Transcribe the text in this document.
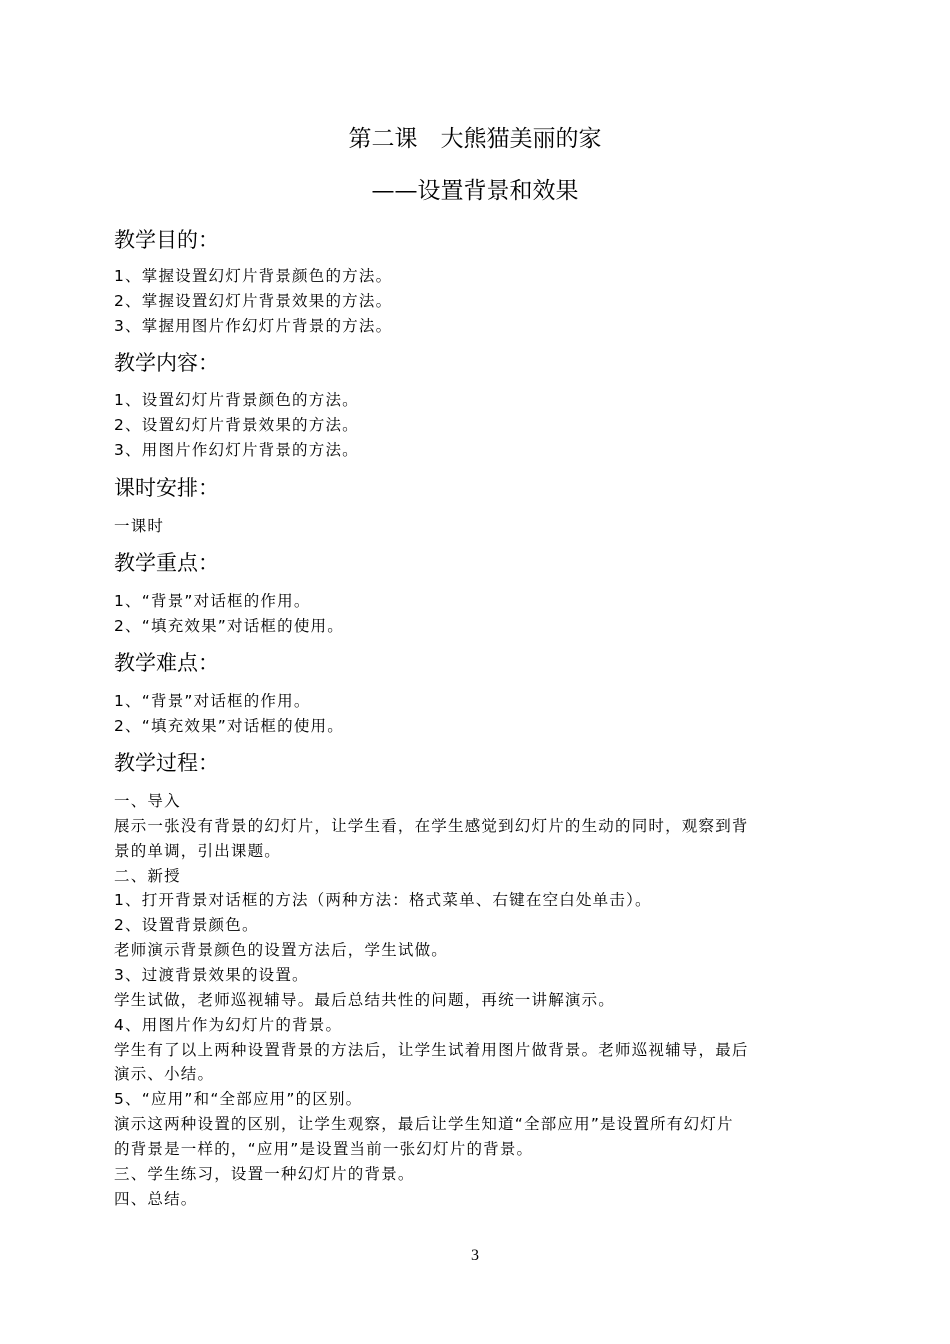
第二课　大熊猫美丽的家
——设置背景和效果
教学目的：
1、掌握设置幻灯片背景颜色的方法。
2、掌握设置幻灯片背景效果的方法。
3、掌握用图片作幻灯片背景的方法。
教学内容：
1、设置幻灯片背景颜色的方法。
2、设置幻灯片背景效果的方法。
3、用图片作幻灯片背景的方法。
课时安排：
一课时
教学重点：
1、“背景”对话框的作用。
2、“填充效果”对话框的使用。
教学难点：
1、“背景”对话框的作用。
2、“填充效果”对话框的使用。
教学过程：
一、导入
展示一张没有背景的幻灯片，让学生看，在学生感觉到幻灯片的生动的同时，观察到背
景的单调，引出课题。
二、新授
1、打开背景对话框的方法（两种方法：格式菜单、右键在空白处单击）。
2、设置背景颜色。
老师演示背景颜色的设置方法后，学生试做。
3、过渡背景效果的设置。
学生试做，老师巡视辅导。最后总结共性的问题，再统一讲解演示。
4、用图片作为幻灯片的背景。
学生有了以上两种设置背景的方法后，让学生试着用图片做背景。老师巡视辅导，最后
演示、小结。
5、“应用”和“全部应用”的区别。
演示这两种设置的区别，让学生观察，最后让学生知道“全部应用”是设置所有幻灯片
的背景是一样的，“应用”是设置当前一张幻灯片的背景。
三、学生练习，设置一种幻灯片的背景。
四、总结。
3
